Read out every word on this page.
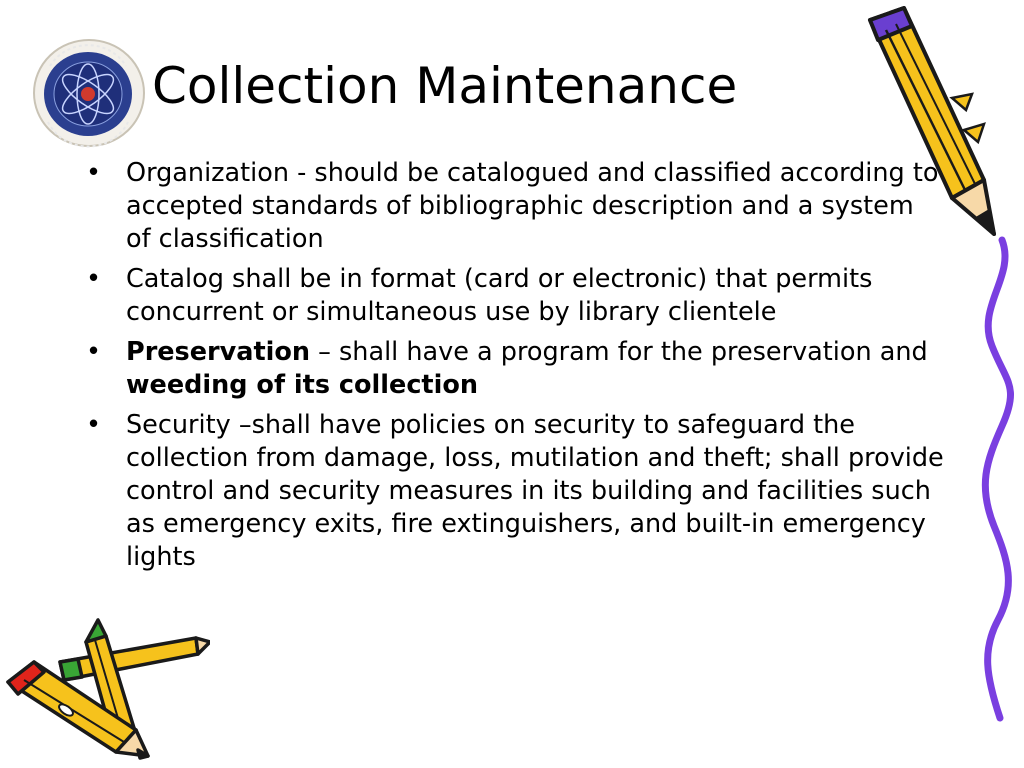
Collection Maintenance
• Organization - should be catalogued and classified according to accepted standards of bibliographic description and a system of classification
• Catalog shall be in format (card or electronic) that permits concurrent or simultaneous use by library clientele
• Preservation – shall have a program for the preservation and weeding of its collection
• Security –shall have policies on security to safeguard the collection from damage, loss, mutilation and theft; shall provide control and security measures in its building and facilities such as emergency exits, fire extinguishers, and built-in emergency lights
